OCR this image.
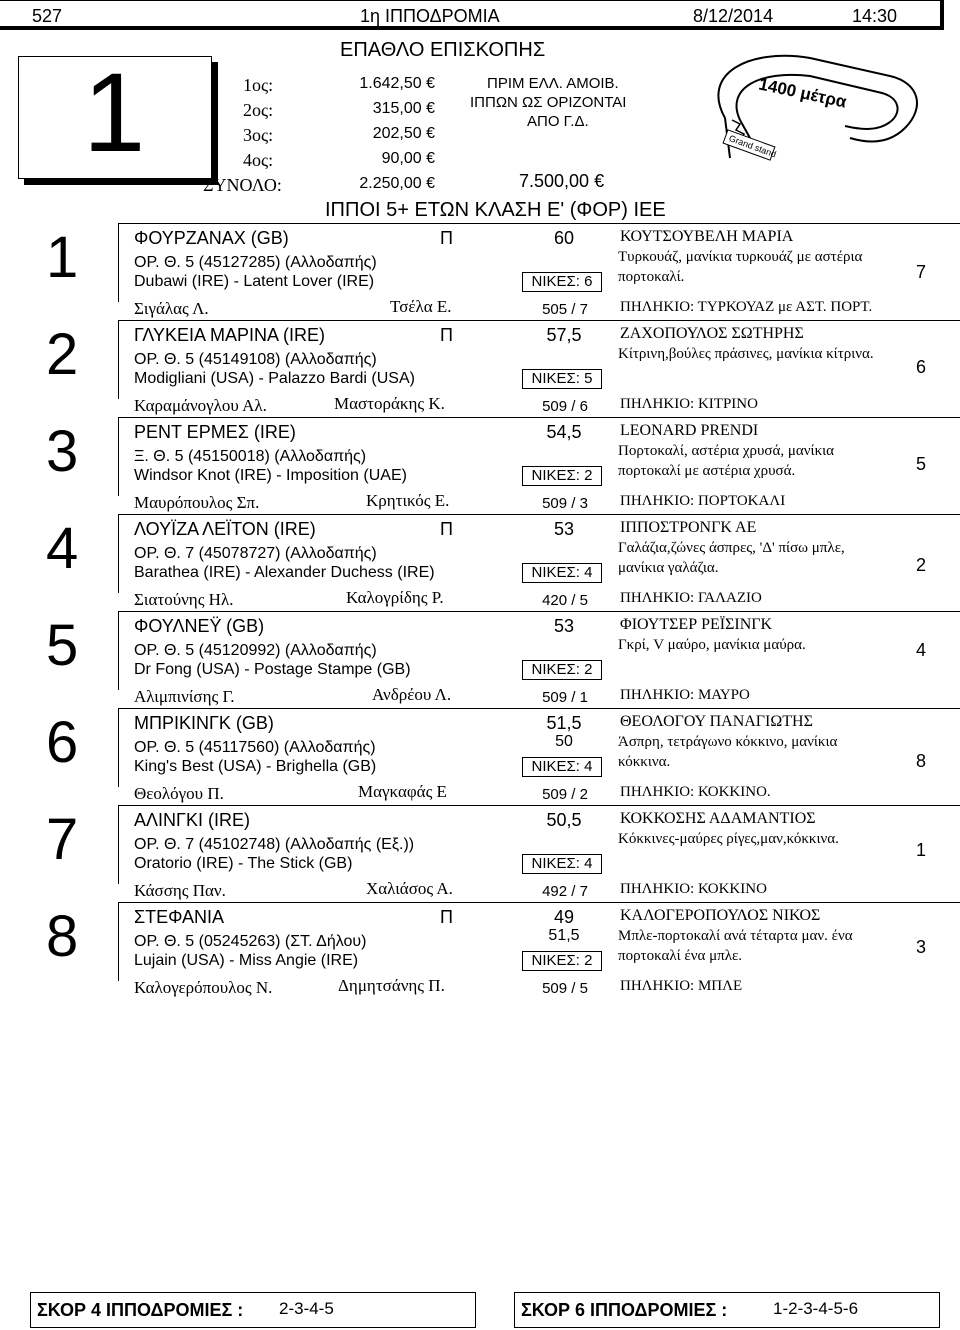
527	1η ΙΠΠΟΔΡΟΜΙΑ	8/12/2014	14:30
ΕΠΑΘΛΟ ΕΠΙΣΚΟΠΗΣ
1	1ος:	1.642,50 €
2ος:	315,00 €
3ος:	202,50 €
4ος:	90,00 €
ΣΥΝΟΛΟ:	2.250,00 €
ΠΡΙΜ ΕΛΛ. ΑΜΟΙΒ.
ΙΠΠΩΝ ΩΣ ΟΡΙΖΟΝΤΑΙ
ΑΠΟ Γ.Δ.
7.500,00 €
Grand stand
1400 μέτρα
ΙΠΠΟΙ 5+ ΕΤΩΝ ΚΛΑΣΗ Ε' (ΦΟΡ) ΙΕΕ
1	ΦΟΥΡΖΑΝΑΧ (GB)	Π	60
ΟΡ. Θ. 5 (45127285) (Αλλοδαπής)
Dubawi (IRE) - Latent Lover (IRE)	ΝΙΚΕΣ: 6
Σιγάλας Λ.	Τσέλα Ε.	505 / 7
ΚΟΥΤΣΟΥΒΕΛΗ ΜΑΡΙΑ
Τυρκουάζ, μανίκια τυρκουάζ με αστέρια πορτοκαλί.
ΠΗΛΗΚΙΟ: ΤΥΡΚΟΥΑΖ με ΑΣΤ. ΠΟΡΤ.
7
2	ΓΛΥΚΕΙΑ ΜΑΡΙΝΑ (IRE)	Π	57,5
ΟΡ. Θ. 5 (45149108) (Αλλοδαπής)
Modigliani (USA) - Palazzo Bardi (USA)	ΝΙΚΕΣ: 5
Καραμάνογλου Αλ.	Μαστοράκης Κ.	509 / 6
ΖΑΧΟΠΟΥΛΟΣ ΣΩΤΗΡΗΣ
Κίτρινη,βούλες πράσινες, μανίκια κίτρινα.
ΠΗΛΗΚΙΟ: ΚΙΤΡΙΝΟ
6
3	ΡΕΝΤ ΕΡΜΕΣ (IRE)	54,5
Ξ. Θ. 5 (45150018) (Αλλοδαπής)
Windsor Knot (IRE) - Imposition (UAE)	ΝΙΚΕΣ: 2
Μαυρόπουλος Σπ.	Κρητικός Ε.	509 / 3
LEONARD PRENDI
Πορτοκαλί, αστέρια χρυσά, μανίκια πορτοκαλί με αστέρια χρυσά.
ΠΗΛΗΚΙΟ: ΠΟΡΤΟΚΑΛΙ
5
4	ΛΟΥΪΖΑ ΛΕΪΤΟΝ (IRE)	Π	53
ΟΡ. Θ. 7 (45078727) (Αλλοδαπής)
Barathea (IRE) - Alexander Duchess (IRE)	ΝΙΚΕΣ: 4
Σιατούνης Ηλ.	Καλογρίδης Ρ.	420 / 5
ΙΠΠΟΣΤΡΟΝΓΚ ΑΕ
Γαλάζια,ζώνες άσπρες, 'Δ' πίσω μπλε, μανίκια γαλάζια.
ΠΗΛΗΚΙΟ: ΓΑΛΑΖΙΟ
2
5	ΦΟΥΛΝΕΫ (GB)	53
ΟΡ. Θ. 5 (45120992) (Αλλοδαπής)
Dr Fong (USA) - Postage Stampe (GB)	ΝΙΚΕΣ: 2
Αλιμπινίσης Γ.	Ανδρέου Λ.	509 / 1
ΦΙΟΥΤΣΕΡ ΡΕΪΣΙΝΓΚ
Γκρί, V μαύρο, μανίκια μαύρα.
ΠΗΛΗΚΙΟ: ΜΑΥΡΟ
4
6	ΜΠΡΙΚΙΝΓΚ (GB)	51,5
50
ΟΡ. Θ. 5 (45117560) (Αλλοδαπής)
King's Best (USA) - Brighella (GB)	ΝΙΚΕΣ: 4
Θεολόγου Π.	Μαγκαφάς Ε	509 / 2
ΘΕΟΛΟΓΟΥ ΠΑΝΑΓΙΩΤΗΣ
Άσπρη, τετράγωνο κόκκινο, μανίκια κόκκινα.
ΠΗΛΗΚΙΟ: ΚΟΚΚΙΝΟ.
8
7	ΑΛΙΝΓΚΙ (IRE)	50,5
ΟΡ. Θ. 7 (45102748) (Αλλοδαπής (Εξ.))
Oratorio (IRE) - The Stick (GB)	ΝΙΚΕΣ: 4
Κάσσης Παν.	Χαλιάσος Α.	492 / 7
ΚΟΚΚΟΣΗΣ ΑΔΑΜΑΝΤΙΟΣ
Κόκκινες-μαύρες ρίγες,μαν,κόκκινα.
ΠΗΛΗΚΙΟ: ΚΟΚΚΙΝΟ
1
8	ΣΤΕΦΑΝΙΑ	Π	49
51,5
ΟΡ. Θ. 5 (05245263) (ΣΤ. Δήλου)
Lujain (USA) - Miss Angie (IRE)	ΝΙΚΕΣ: 2
Καλογερόπουλος Ν.	Δημητσάνης Π.	509 / 5
ΚΑΛΟΓΕΡΟΠΟΥΛΟΣ ΝΙΚΟΣ
Μπλε-πορτοκαλί ανά τέταρτα μαν. ένα πορτοκαλί ένα μπλε.
ΠΗΛΗΚΙΟ: ΜΠΛΕ
3
ΣΚΟΡ 4 ΙΠΠΟΔΡΟΜΙΕΣ : 2-3-4-5	ΣΚΟΡ 6 ΙΠΠΟΔΡΟΜΙΕΣ :	1-2-3-4-5-6
